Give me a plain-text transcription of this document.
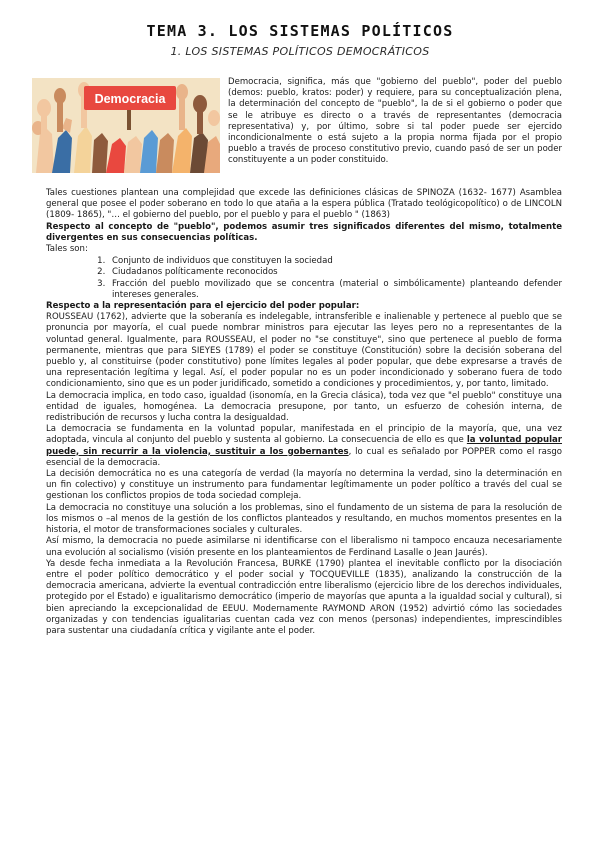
TEMA 3. LOS SISTEMAS POLÍTICOS
1. LOS SISTEMAS POLÍTICOS DEMOCRÁTICOS
Democracia
Democracia, significa, más que "gobierno del pueblo", poder del pueblo (demos: pueblo, kratos: poder) y requiere, para su conceptualización plena, la determinación del concepto de "pueblo", la de si el gobierno o poder que se le atribuye es directo o a través de representantes (democracia representativa) y, por último, sobre si tal poder puede ser ejercido incondicionalmente o está sujeto a la propia norma fijada por el propio pueblo a través de proceso constitutivo previo, cuando pasó de ser un poder constituyente a un poder constituido.

Tales cuestiones plantean una complejidad que excede las definiciones clásicas de SPINOZA (1632- 1677) Asamblea general que posee el poder soberano en todo lo que ataña a la espera pública (Tratado teológicopolítico) o de LINCOLN (1809- 1865), "… el gobierno del pueblo, por el pueblo y para el pueblo " (1863)

Respecto al concepto de "pueblo", podemos asumir tres significados diferentes del mismo, totalmente divergentes en sus consecuencias políticas.

Tales son:

1. Conjunto de individuos que constituyen la sociedad
2. Ciudadanos políticamente reconocidos
3. Fracción del pueblo movilizado que se concentra (material o simbólicamente) planteando defender intereses generales.

Respecto a la representación para el ejercicio del poder popular:

ROUSSEAU (1762), advierte que la soberanía es indelegable, intransferible e inalienable y pertenece al pueblo que se pronuncia por mayoría, el cual puede nombrar ministros para ejecutar las leyes pero no a representantes de la voluntad general. Igualmente, para ROUSSEAU, el poder no "se constituye", sino que pertenece al pueblo de forma permanente, mientras que para SIEYES (1789) el poder se constituye (Constitución) sobre la decisión soberana del pueblo y, al constituirse (poder constitutivo) pone límites legales al poder popular, que debe expresarse a través de una representación legítima y legal. Así, el poder popular no es un poder incondicionado y soberano fuera de todo condicionamiento, sino que es un poder juridificado, sometido a condiciones y procedimientos, y, por tanto, limitado.

La democracia implica, en todo caso, igualdad (isonomía, en la Grecia clásica), toda vez que "el pueblo" constituye una entidad de iguales, homogénea. La democracia presupone, por tanto, un esfuerzo de cohesión interna, de redistribución de recursos y lucha contra la desigualdad.

La democracia se fundamenta en la voluntad popular, manifestada en el principio de la mayoría, que, una vez adoptada, vincula al conjunto del pueblo y sustenta al gobierno. La consecuencia de ello es que la voluntad popular puede, sin recurrir a la violencia, sustituir a los gobernantes, lo cual es señalado por POPPER como el rasgo esencial de la democracia.

La decisión democrática no es una categoría de verdad (la mayoría no determina la verdad, sino la determinación en un fin colectivo) y constituye un instrumento para fundamentar legítimamente un poder político a través del cual se gestionan los conflictos propios de toda sociedad compleja.

La democracia no constituye una solución a los problemas, sino el fundamento de un sistema de para la resolución de los mismos o –al menos de la gestión de los conflictos planteados y resultando, en muchos momentos presentes en la historia, el motor de transformaciones sociales y culturales.

Así mismo, la democracia no puede asimilarse ni identificarse con el liberalismo ni tampoco encauza necesariamente una evolución al socialismo (visión presente en los planteamientos de Ferdinand Lasalle o Jean Jaurés).

Ya desde fecha inmediata a la Revolución Francesa, BURKE (1790) plantea el inevitable conflicto por la disociación entre el poder político democrático y el poder social y TOCQUEVILLE (1835), analizando la construcción de la democracia americana, advierte la eventual contradicción entre liberalismo (ejercicio libre de los derechos individuales, protegido por el Estado) e igualitarismo democrático (imperio de mayorías que apunta a la igualdad social y cultural), si bien apreciando la excepcionalidad de EEUU. Modernamente RAYMOND ARON (1952) advirtió cómo las sociedades organizadas y con tendencias igualitarias cuentan cada vez con menos (personas) independientes, imprescindibles para sustentar una ciudadanía crítica y vigilante ante el poder.
